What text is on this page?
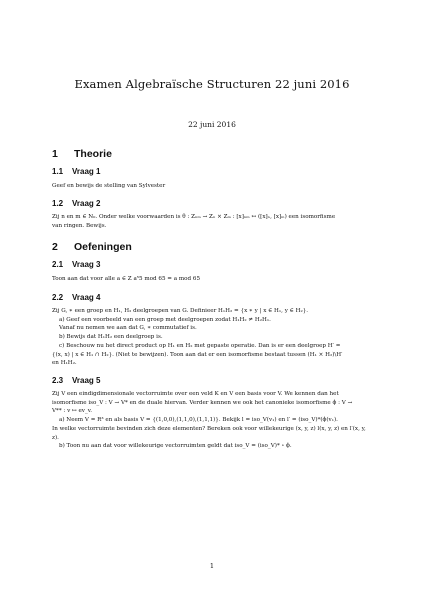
Examen Algebraïsche Structuren 22 juni 2016
22 juni 2016
1 Theorie
1.1 Vraag 1

Geef en bewijs de stelling van Sylvester

1.2 Vraag 2

Zij n en m ∈ N₀. Onder welke voorwaarden is θ : Zₙₘ → Zₙ × Zₘ : [x]ₙₘ ↦ ([x]ₙ, [x]ₘ) een isomorfisme

van ringen. Bewijs.

2 Oefeningen
2.1 Vraag 3

Toon aan dat voor alle a ∈ Z a⁵5 mod 65 = a mod 65

2.2 Vraag 4

Zij G, ∗ een groep en H₁, H₂ deelgroepen van G. Definieer H₁H₂ = {x ∗ y | x ∈ H₁, y ∈ H₂}.

a) Geef een voorbeeld van een groep met deelgroepen zodat H₁H₂ ≠ H₂H₁.

Vanaf nu nemen we aan dat G, ∗ commutatief is.

b) Bewijs dat H₁H₂ een deelgroep is.

c) Beschouw nu het direct product op H₁ en H₂ met gepaste operatie. Dan is er een deelgroep H′ =

{(x, x) | x ∈ H₁ ∩ H₂}. (Niet te bewijzen). Toon aan dat er een isomorfisme bestaat tussen (H₁ × H₂)\H′

en H₁H₂.

2.3 Vraag 5

Zij V een eindigdimensionale vectorruimte over een veld K en V een basis voor V. We kennen dan het

isomorfisme iso_V : V → V* en de duale hiervan. Verder kennen we ook het canonieke isomorfisme ϕ : V →

V** : v ↦ ev_v.

a) Neem V = R³ en als basis V = {(1,0,0),(1,1,0),(1,1,1)}. Bekijk l = iso_V(v₁) en l′ = (iso_V)*(ϕ(v₁).

In welke vectorruimte bevinden zich deze elementen? Bereken ook voor willekeurige (x, y, z) l(x, y, z) en l′(x, y, z).

b) Toon nu aan dat voor willekeurige vectorruimten geldt dat iso_V = (iso_V)* ∘ ϕ.

1
